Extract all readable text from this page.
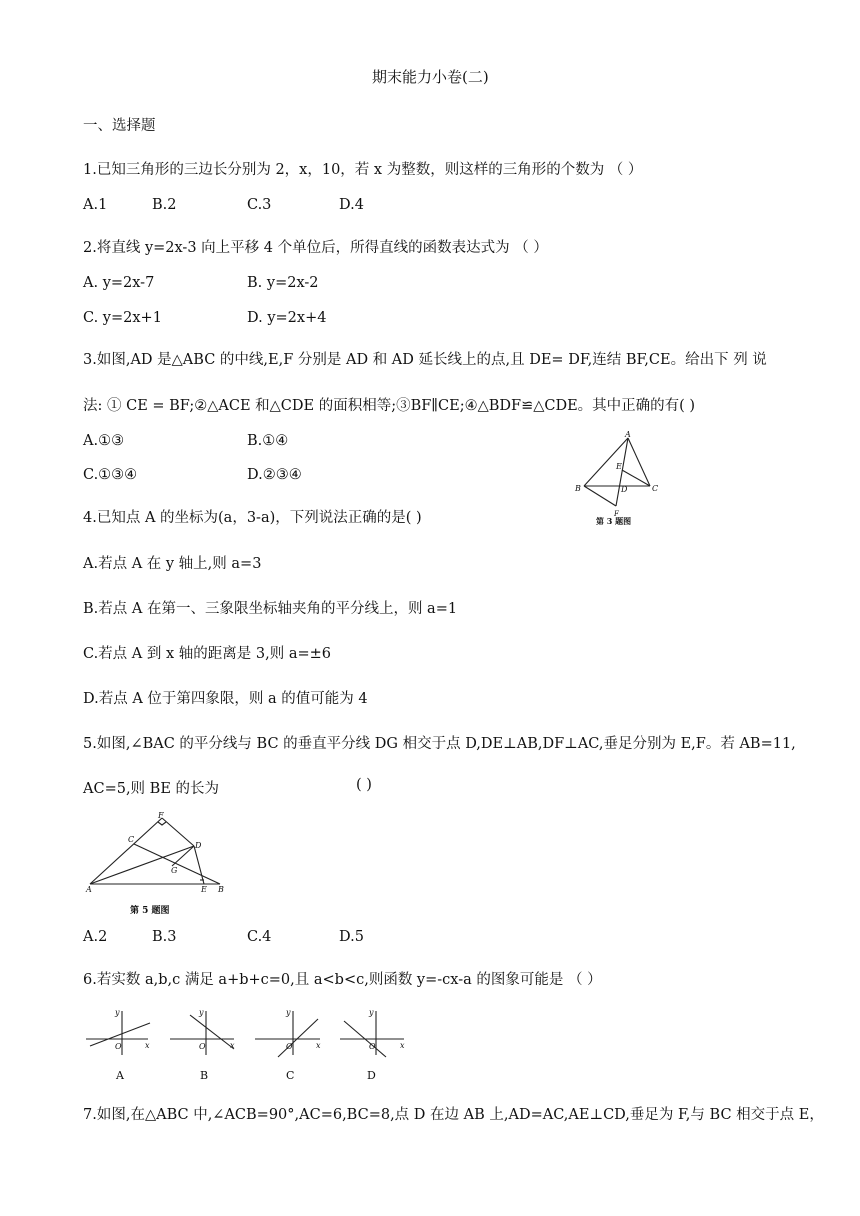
期末能力小卷(二)
一、选择题
1.已知三角形的三边长分别为 2，x，10，若 x 为整数，则这样的三角形的个数为 （ ）
A.1	B.2	C.3	D.4
2.将直线 y=2x-3 向上平移 4 个单位后，所得直线的函数表达式为 （ ）
A. y=2x-7	B. y=2x-2
C. y=2x+1	D. y=2x+4
3.如图,AD 是△ABC 的中线,E,F 分别是 AD 和 AD 延长线上的点,且 DE= DF,连结 BF,CE。给出下 列 说
法: ① CE = BF;②△ACE 和△CDE 的面积相等;③BF∥CE;④△BDF≌△CDE。其中正确的有( )
A.①③	B.①④
C.①③④	D.②③④
A
B	C
D
E
F
第 3 题图
4.已知点 A 的坐标为(a，3-a)，下列说法正确的是( )
A.若点 A 在 y 轴上,则 a=3
B.若点 A 在第一、三象限坐标轴夹角的平分线上，则 a=1
C.若点 A 到 x 轴的距离是 3,则 a=±6
D.若点 A 位于第四象限，则 a 的值可能为 4
5.如图,∠BAC 的平分线与 BC 的垂直平分线 DG 相交于点 D,DE⊥AB,DF⊥AC,垂足分别为 E,F。若 AB=11,
AC=5,则 BE 的长为	( )
F
C
D
G
A	E B
第 5 题图
A.2	B.3	C.4	D.5
6.若实数 a,b,c 满足 a+b+c=0,且 a<b<c,则函数 y=-cx-a 的图象可能是 （ ）
y
O	x
y
O	x
y
O	x
y
O	x
A	B	C	D
7.如图,在△ABC 中,∠ACB=90°,AC=6,BC=8,点 D 在边 AB 上,AD=AC,AE⊥CD,垂足为 F,与 BC 相交于点 E，
